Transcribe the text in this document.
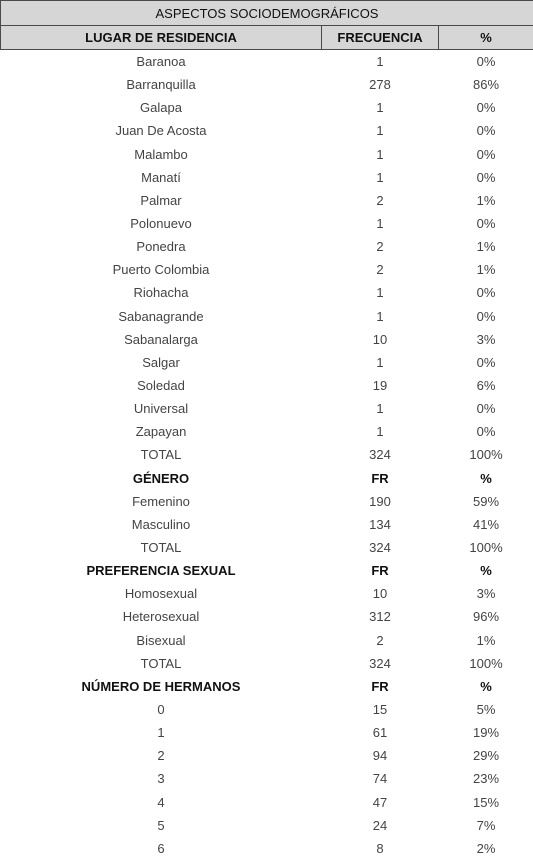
ASPECTOS SOCIODEMOGRÁFICOS		
LUGAR DE RESIDENCIA	FRECUENCIA	%
Baranoa	1	0%
Barranquilla	278	86%
Galapa	1	0%
Juan De Acosta	1	0%
Malambo	1	0%
Manatí	1	0%
Palmar	2	1%
Polonuevo	1	0%
Ponedra	2	1%
Puerto Colombia	2	1%
Riohacha	1	0%
Sabanagrande	1	0%
Sabanalarga	10	3%
Salgar	1	0%
Soledad	19	6%
Universal	1	0%
Zapayan	1	0%
TOTAL	324	100%
GÉNERO	FR	%
Femenino	190	59%
Masculino	134	41%
TOTAL	324	100%
PREFERENCIA SEXUAL	FR	%
Homosexual	10	3%
Heterosexual	312	96%
Bisexual	2	1%
TOTAL	324	100%
NÚMERO DE HERMANOS	FR	%
0	15	5%
1	61	19%
2	94	29%
3	74	23%
4	47	15%
5	24	7%
6	8	2%
